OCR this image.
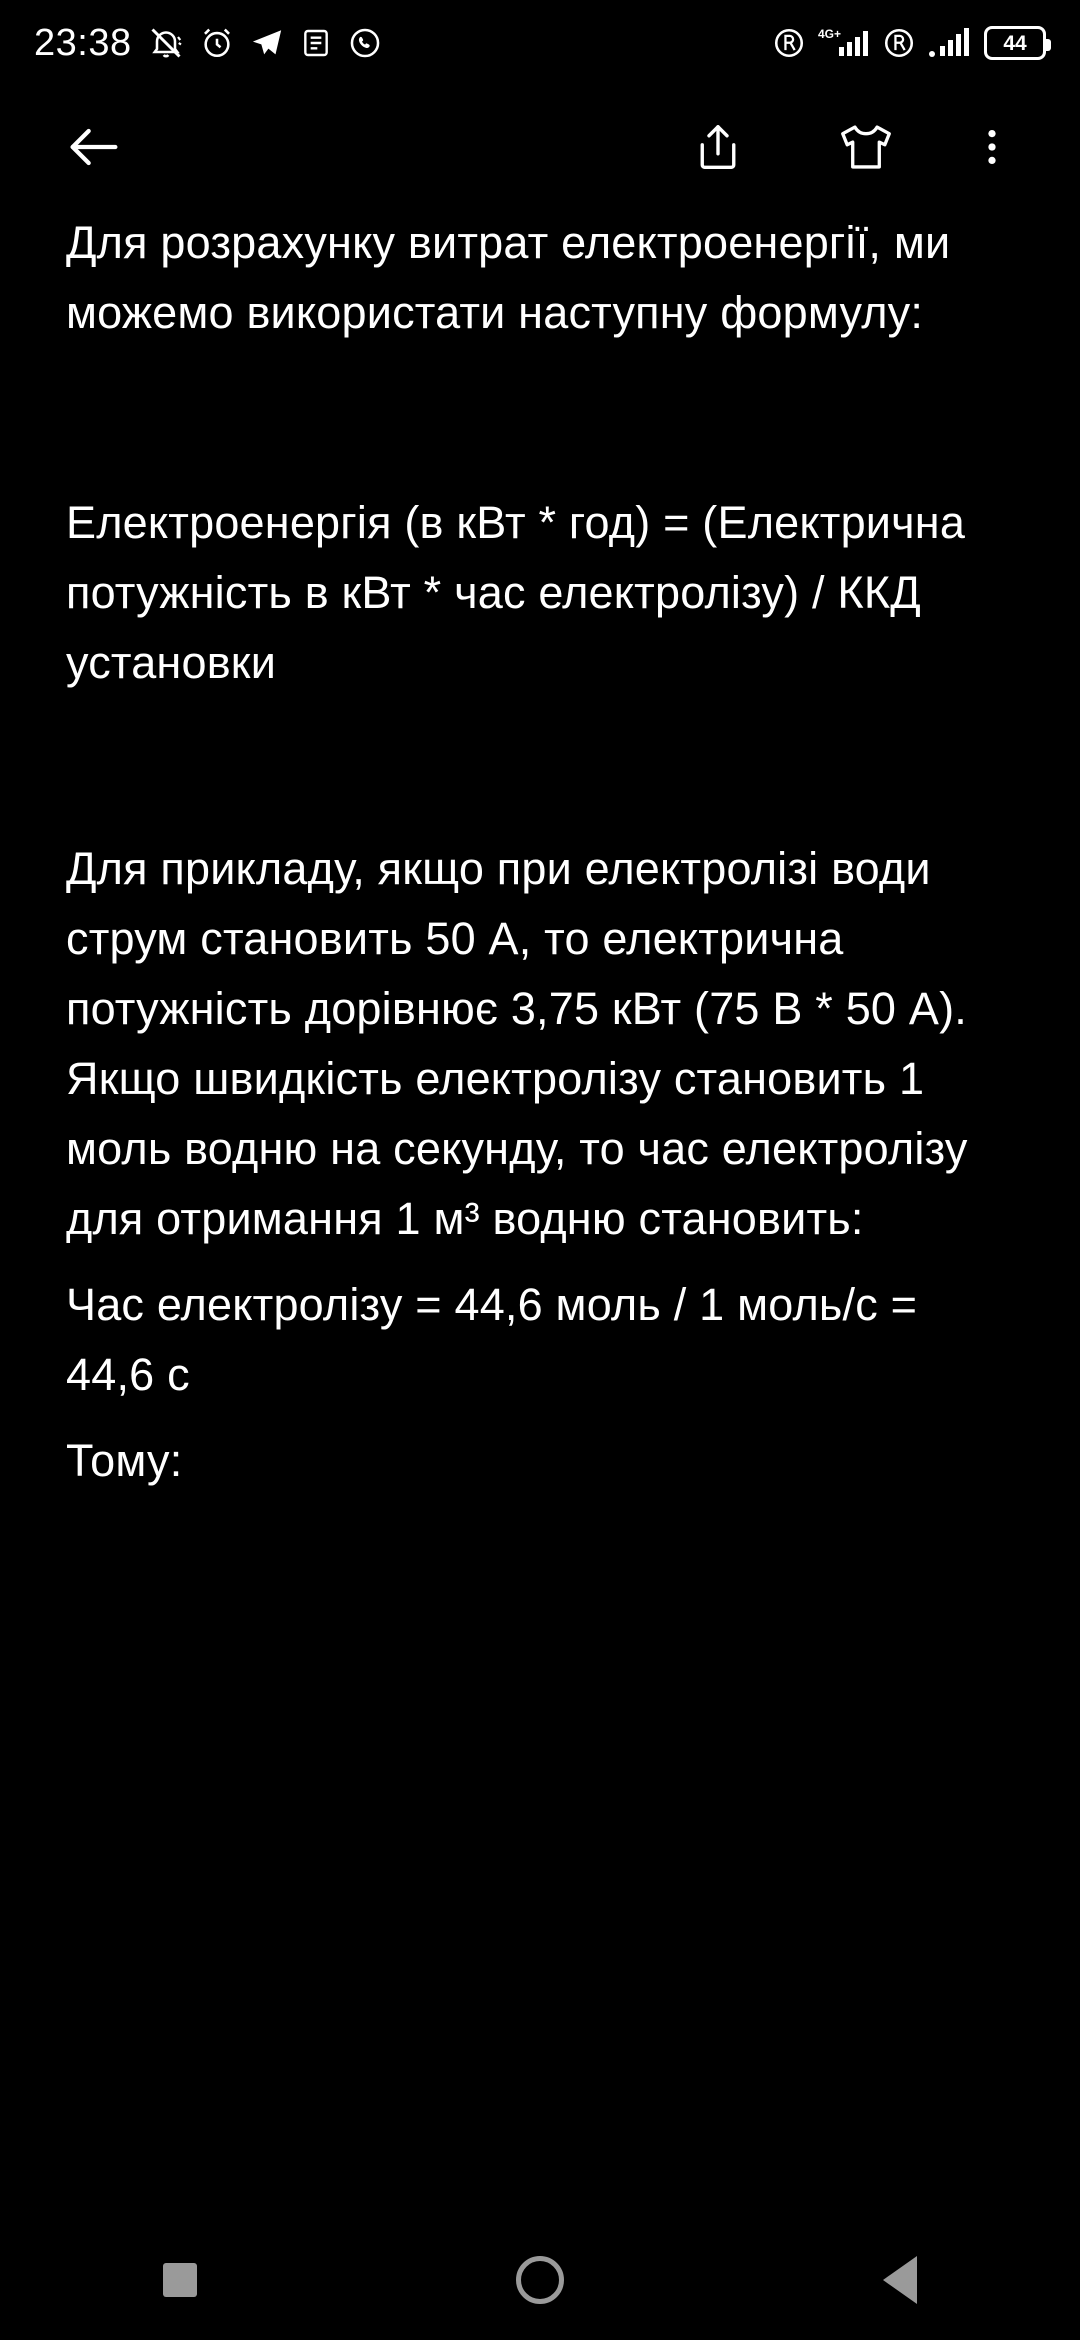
23:38	4G+	44

Для розрахунку витрат електроенергії, ми можемо використати наступну формулу:

Електроенергія (в кВт * год) = (Електрична потужність в кВт * час електролізу) / ККД установки

Для прикладу, якщо при електролізі води струм становить 50 А, то електрична потужність дорівнює 3,75 кВт (75 В * 50 А). Якщо швидкість електролізу становить 1 моль водню на секунду, то час електролізу для отримання 1 м³ водню становить:

Час електролізу = 44,6 моль / 1 моль/с = 44,6 с

Тому:
